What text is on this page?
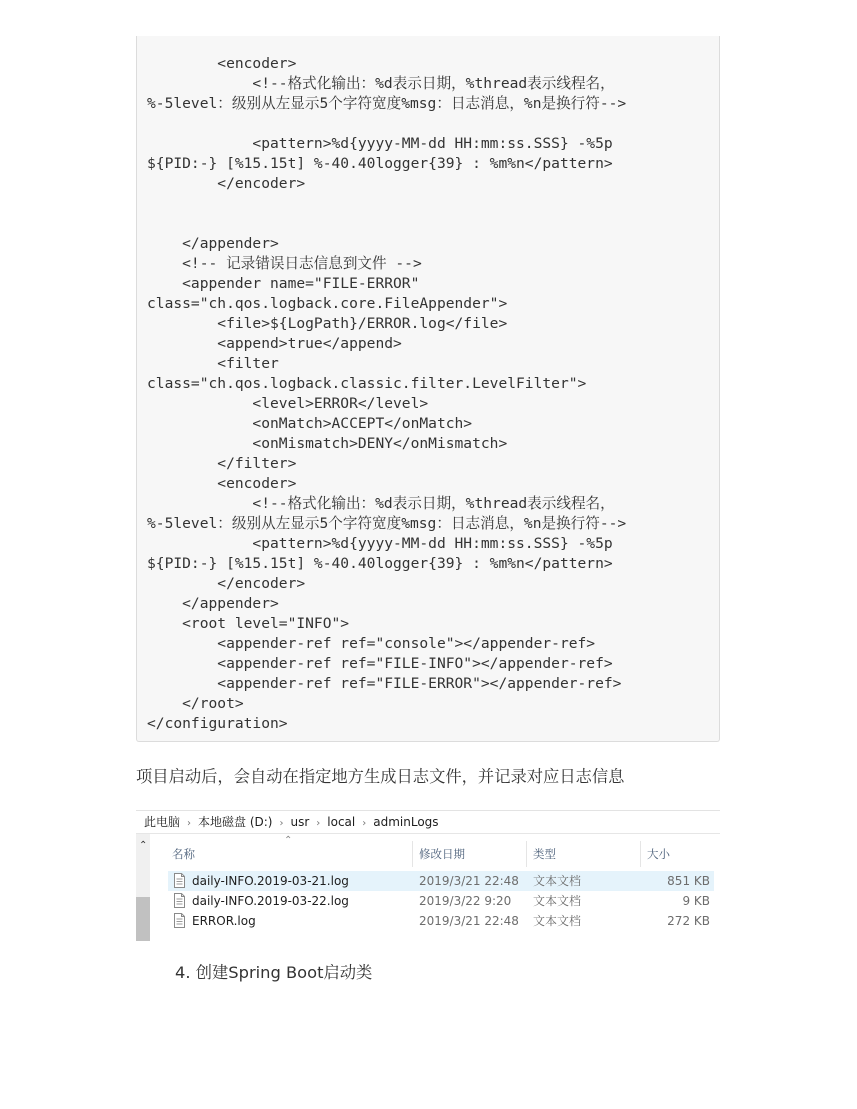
<encoder>
<!--格式化输出：%d表示日期，%thread表示线程名，
%-5level：级别从左显示5个字符宽度%msg：日志消息，%n是换行符-->
<pattern>%d{yyyy-MM-dd HH:mm:ss.SSS} -%5p
${PID:-} [%15.15t] %-40.40logger{39} : %m%n</pattern>
</encoder>
</appender>
<!-- 记录错误日志信息到文件 -->
<appender name="FILE-ERROR"
class="ch.qos.logback.core.FileAppender">
<file>${LogPath}/ERROR.log</file>
<append>true</append>
<filter
class="ch.qos.logback.classic.filter.LevelFilter">
<level>ERROR</level>
<onMatch>ACCEPT</onMatch>
<onMismatch>DENY</onMismatch>
</filter>
<encoder>
<!--格式化输出：%d表示日期，%thread表示线程名，
%-5level：级别从左显示5个字符宽度%msg：日志消息，%n是换行符-->
<pattern>%d{yyyy-MM-dd HH:mm:ss.SSS} -%5p
${PID:-} [%15.15t] %-40.40logger{39} : %m%n</pattern>
</encoder>
</appender>
<root level="INFO">
<appender-ref ref="console"></appender-ref>
<appender-ref ref="FILE-INFO"></appender-ref>
<appender-ref ref="FILE-ERROR"></appender-ref>
</root>
</configuration>
项目启动后，会自动在指定地方生成日志文件，并记录对应日志信息
此电脑 › 本地磁盘 (D:) › usr › local › adminLogs
⌃	⌃
名称	修改日期	类型	大小
daily-INFO.2019-03-21.log	2019/3/21 22:48 文本文档	851 KB
daily-INFO.2019-03-22.log	2019/3/22 9:20 文本文档	9 KB
ERROR.log	2019/3/21 22:48 文本文档	272 KB
4. 创建Spring Boot启动类
